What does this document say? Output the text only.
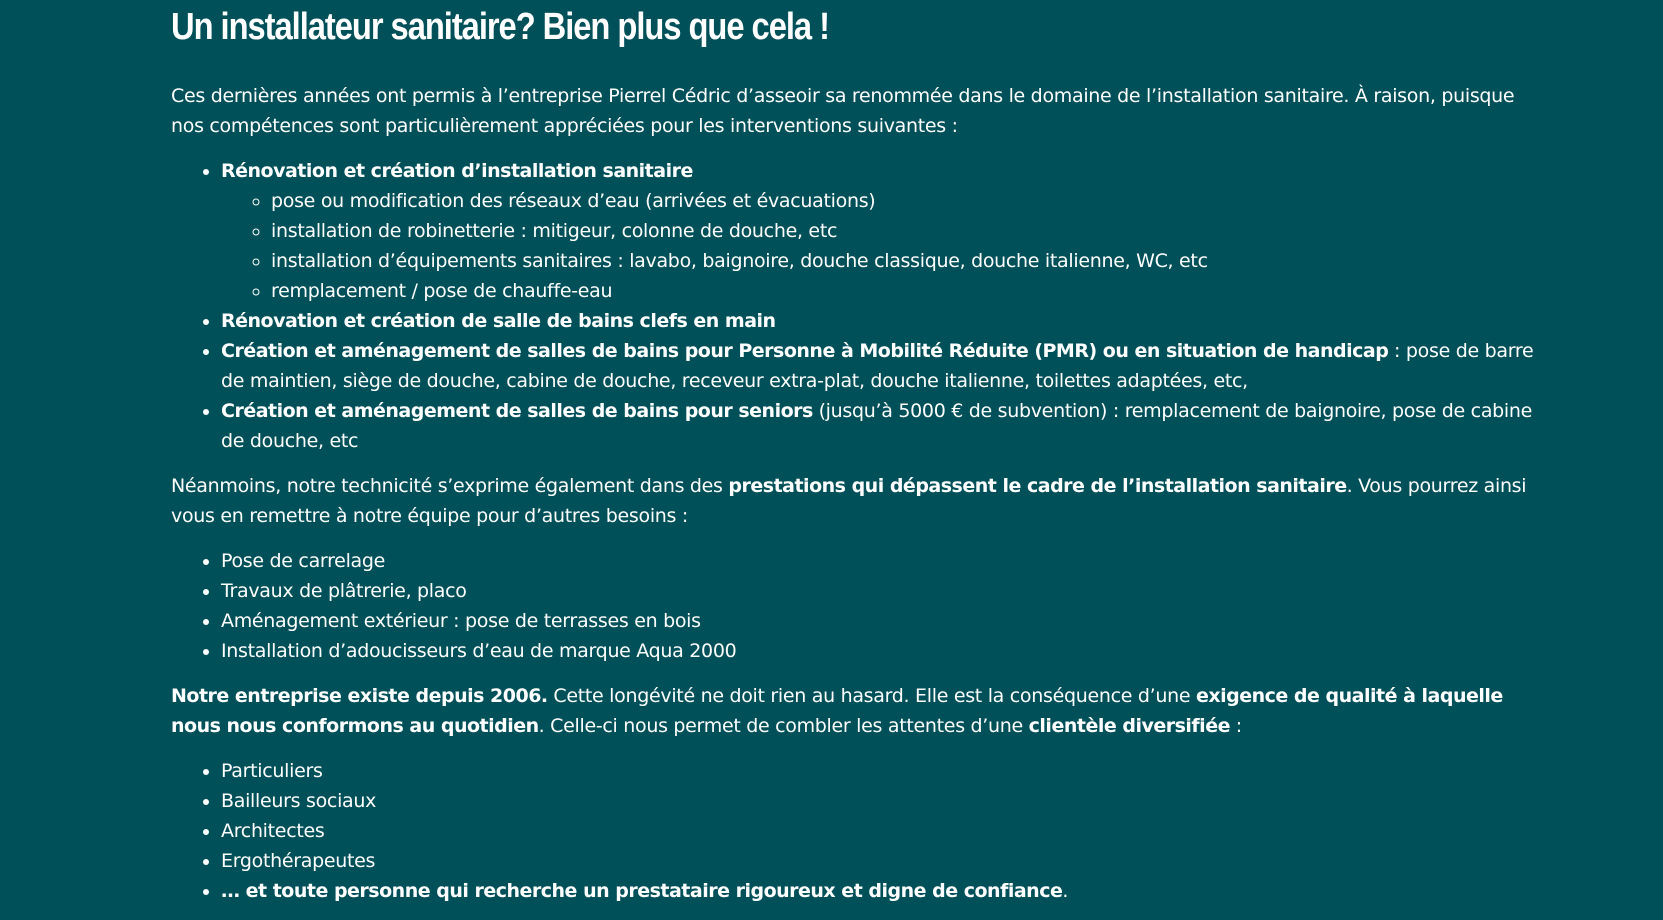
Un installateur sanitaire? Bien plus que cela !

Ces dernières années ont permis à l’entreprise Pierrel Cédric d’asseoir sa renommée dans le domaine de l’installation sanitaire. À raison, puisque nos compétences sont particulièrement appréciées pour les interventions suivantes :

• Rénovation et création d’installation sanitaire
◦ pose ou modification des réseaux d’eau (arrivées et évacuations)
◦ installation de robinetterie : mitigeur, colonne de douche, etc
◦ installation d’équipements sanitaires : lavabo, baignoire, douche classique, douche italienne, WC, etc
◦ remplacement / pose de chauffe-eau
• Rénovation et création de salle de bains clefs en main
• Création et aménagement de salles de bains pour Personne à Mobilité Réduite (PMR) ou en situation de handicap : pose de barre de maintien, siège de douche, cabine de douche, receveur extra-plat, douche italienne, toilettes adaptées, etc,
• Création et aménagement de salles de bains pour seniors (jusqu’à 5000 € de subvention) : remplacement de baignoire, pose de cabine de douche, etc

Néanmoins, notre technicité s’exprime également dans des prestations qui dépassent le cadre de l’installation sanitaire. Vous pourrez ainsi vous en remettre à notre équipe pour d’autres besoins :

• Pose de carrelage
• Travaux de plâtrerie, placo
• Aménagement extérieur : pose de terrasses en bois
• Installation d’adoucisseurs d’eau de marque Aqua 2000

Notre entreprise existe depuis 2006. Cette longévité ne doit rien au hasard. Elle est la conséquence d’une exigence de qualité à laquelle nous nous conformons au quotidien. Celle-ci nous permet de combler les attentes d’une clientèle diversifiée :

• Particuliers
• Bailleurs sociaux
• Architectes
• Ergothérapeutes
• … et toute personne qui recherche un prestataire rigoureux et digne de confiance.
